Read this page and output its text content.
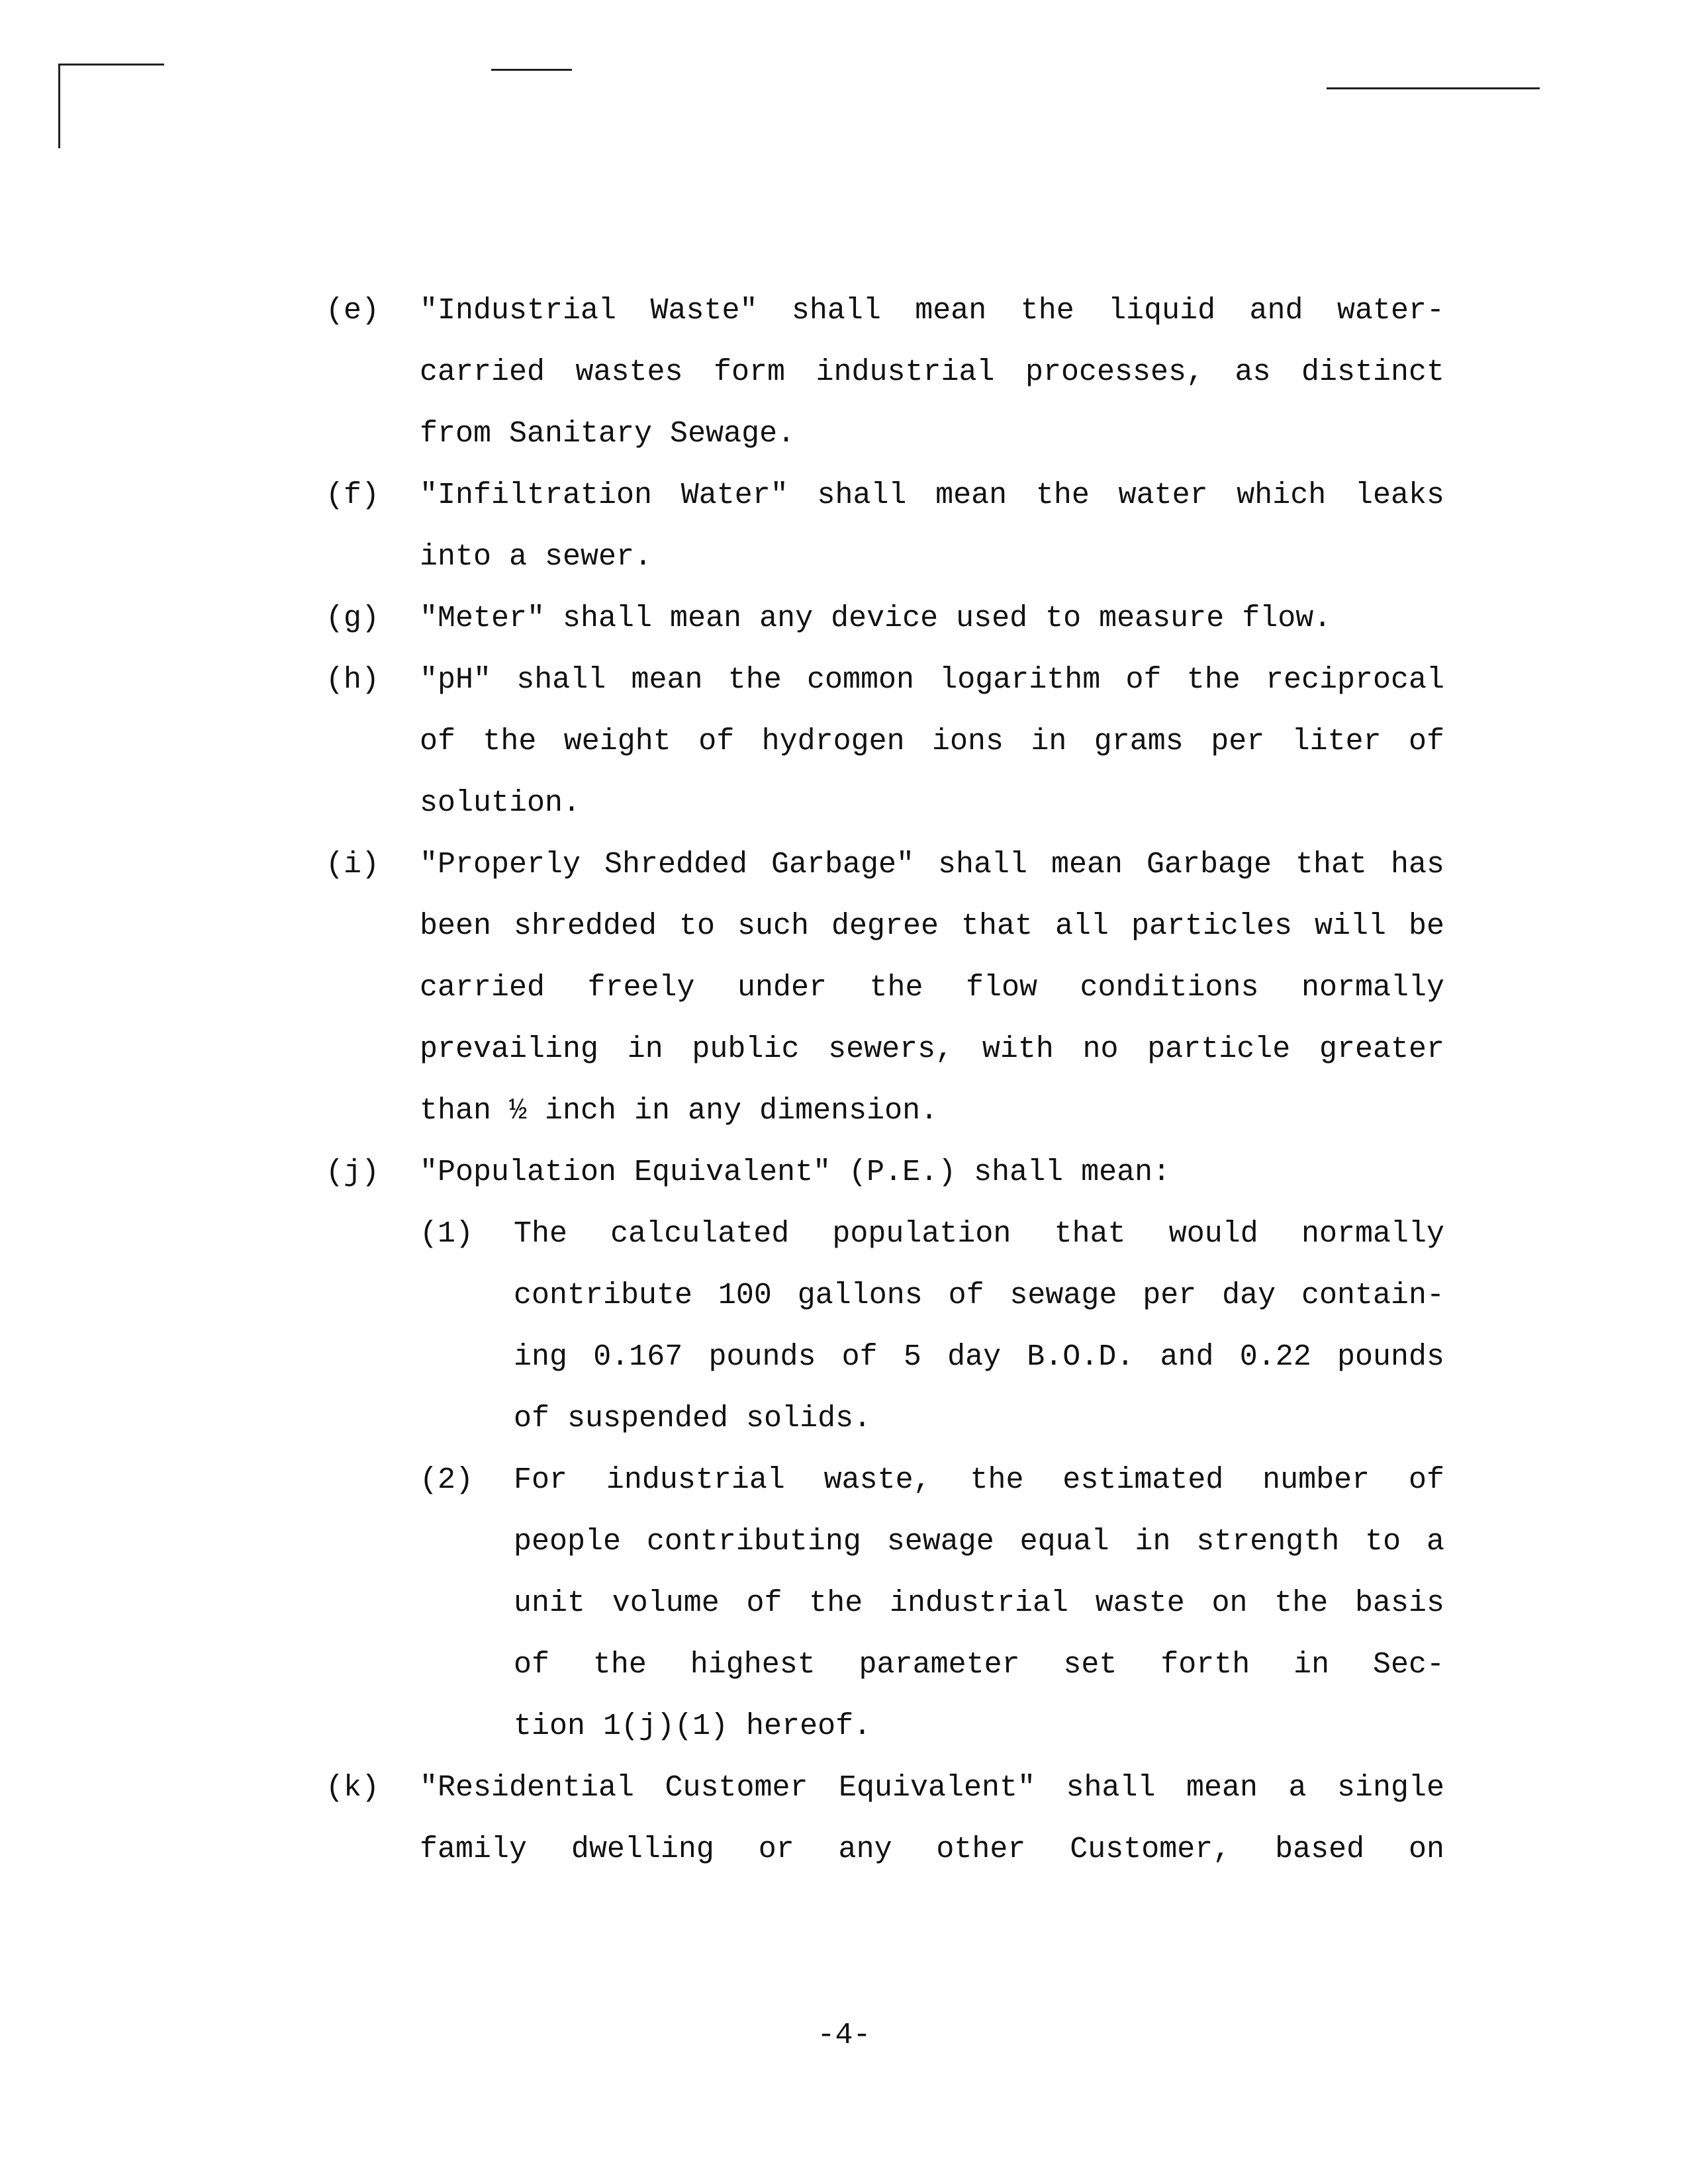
(e) "Industrial Waste" shall mean the liquid and water-
carried wastes form industrial processes, as distinct
from Sanitary Sewage.
(f) "Infiltration Water" shall mean the water which leaks
into a sewer.
(g) "Meter" shall mean any device used to measure flow.
(h) "pH" shall mean the common logarithm of the reciprocal
of the weight of hydrogen ions in grams per liter of
solution.
(i) "Properly Shredded Garbage" shall mean Garbage that has
been shredded to such degree that all particles will be
carried freely under the flow conditions normally
prevailing in public sewers, with no particle greater
than ½ inch in any dimension.
(j) "Population Equivalent" (P.E.) shall mean:
(1) The calculated population that would normally
contribute 100 gallons of sewage per day contain-
ing 0.167 pounds of 5 day B.O.D. and 0.22 pounds
of suspended solids.
(2) For industrial waste, the estimated number of
people contributing sewage equal in strength to a
unit volume of the industrial waste on the basis
of the highest parameter set forth in Sec-
tion 1(j)(1) hereof.
(k) "Residential Customer Equivalent" shall mean a single
family dwelling or any other Customer, based on
-4-
